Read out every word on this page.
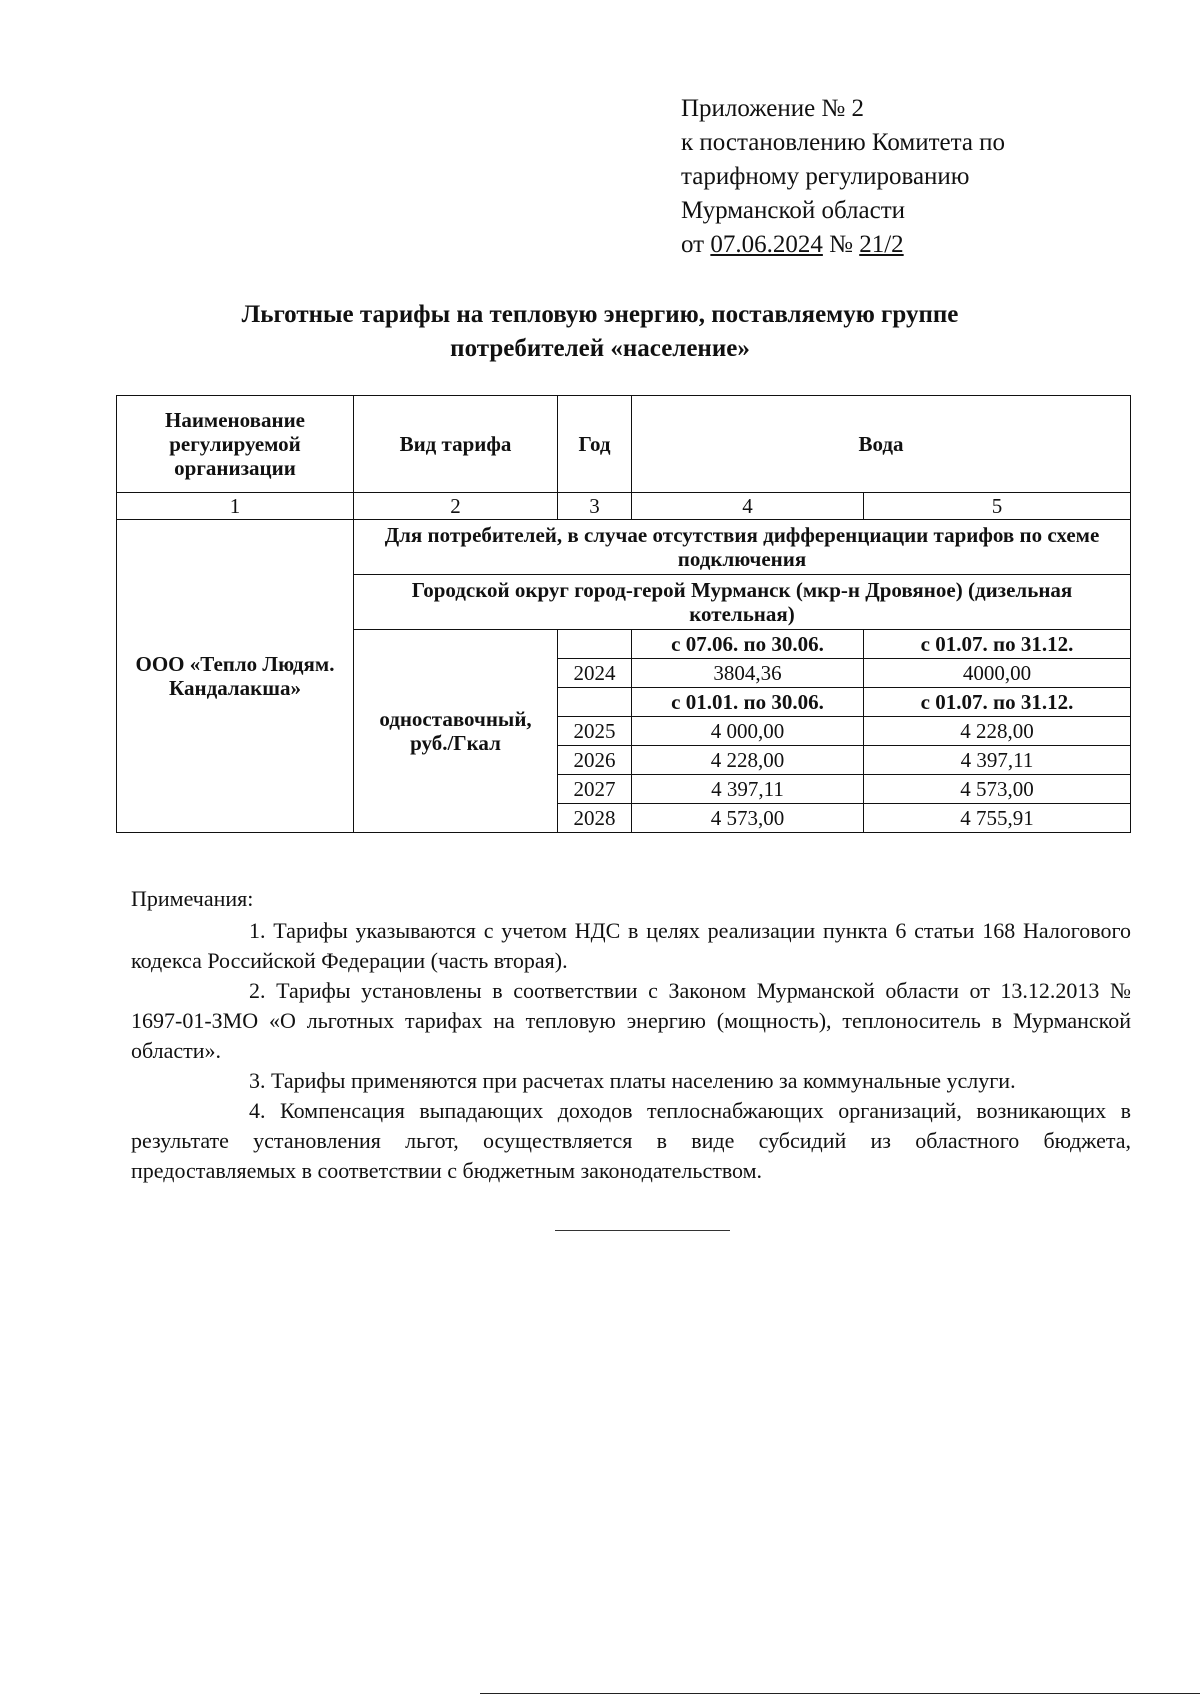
Приложение № 2
к постановлению Комитета по
тарифному регулированию
Мурманской области
от 07.06.2024 № 21/2
Льготные тарифы на тепловую энергию, поставляемую группе
потребителей «население»
Наименование регулируемой организации	Вид тарифа	Год	Вода	
1	2	3	4	5
ООО «Тепло Людям. Кандалакша»	Для потребителей, в случае отсутствия дифференциации тарифов по схеме подключения			
	Городской округ город-герой Мурманск (мкр-н Дровяное) (дизельная котельная)			
	одноставочный, руб./Гкал		с 07.06. по 30.06.	с 01.07. по 31.12.
		2024	3804,36	4000,00
			с 01.01. по 30.06.	с 01.07. по 31.12.
		2025	4 000,00	4 228,00
		2026	4 228,00	4 397,11
		2027	4 397,11	4 573,00
		2028	4 573,00	4 755,91

Примечания:

1. Тарифы указываются с учетом НДС в целях реализации пункта 6 статьи 168 Налогового кодекса Российской Федерации (часть вторая).

2. Тарифы установлены в соответствии с Законом Мурманской области от 13.12.2013 № 1697-01-ЗМО «О льготных тарифах на тепловую энергию (мощность), теплоноситель в Мурманской области».

3. Тарифы применяются при расчетах платы населению за коммунальные услуги.

4. Компенсация выпадающих доходов теплоснабжающих организаций, возникающих в результате установления льгот, осуществляется в виде субсидий из областного бюджета, предоставляемых в соответствии с бюджетным законодательством.
